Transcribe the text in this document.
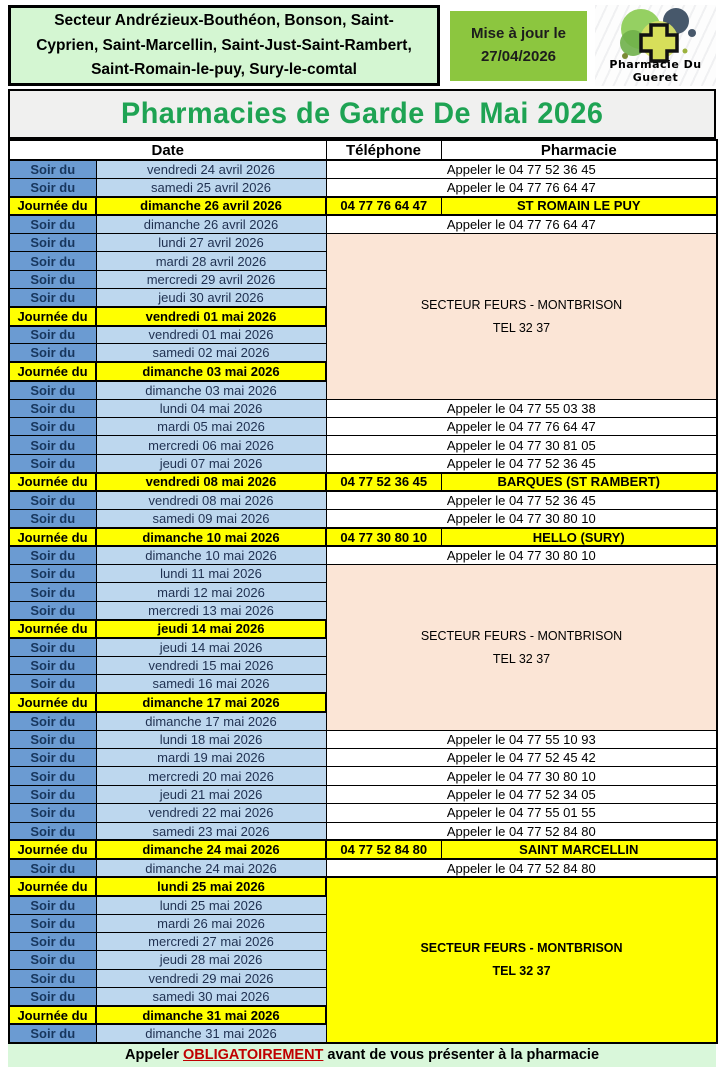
Secteur Andrézieux-Bouthéon, Bonson, Saint-Cyprien, Saint-Marcellin, Saint-Just-Saint-Rambert, Saint-Romain-le-puy, Sury-le-comtal
Mise à jour le
27/04/2026	Pharmacie Du Gueret
Pharmacies de Garde De Mai 2026
Date		Téléphone	Pharmacie
Soir du	vendredi 24 avril 2026	Appeler le 04 77 52 36 45	
Soir du	samedi 25 avril 2026	Appeler le 04 77 76 64 47	
Journée du	dimanche 26 avril 2026	04 77 76 64 47	ST ROMAIN LE PUY
Soir du	dimanche 26 avril 2026	Appeler le 04 77 76 64 47	
Soir du	lundi 27 avril 2026	SECTEUR FEURS - MONTBRISON
TEL 32 37	

Soir du	mardi 28 avril 2026		
Soir du	mercredi 29 avril 2026		
Soir du	jeudi 30 avril 2026		
Journée du	vendredi 01 mai 2026		
Soir du	vendredi 01 mai 2026		
Soir du	samedi 02 mai 2026		
Journée du	dimanche 03 mai 2026		
Soir du	dimanche 03 mai 2026		
Soir du	lundi 04 mai 2026	Appeler le 04 77 55 03 38	
Soir du	mardi 05 mai 2026	Appeler le 04 77 76 64 47	
Soir du	mercredi 06 mai 2026	Appeler le 04 77 30 81 05	
Soir du	jeudi 07 mai 2026	Appeler le 04 77 52 36 45	
Journée du	vendredi 08 mai 2026	04 77 52 36 45	BARQUES (ST RAMBERT)
Soir du	vendredi 08 mai 2026	Appeler le 04 77 52 36 45	
Soir du	samedi 09 mai 2026	Appeler le 04 77 30 80 10	
Journée du	dimanche 10 mai 2026	04 77 30 80 10	HELLO (SURY)
Soir du	dimanche 10 mai 2026	Appeler le 04 77 30 80 10	
Soir du	lundi 11 mai 2026	SECTEUR FEURS - MONTBRISON
TEL 32 37	

Soir du	mardi 12 mai 2026		
Soir du	mercredi 13 mai 2026		
Journée du	jeudi 14 mai 2026		
Soir du	jeudi 14 mai 2026		
Soir du	vendredi 15 mai 2026		
Soir du	samedi 16 mai 2026		
Journée du	dimanche 17 mai 2026		
Soir du	dimanche 17 mai 2026		
Soir du	lundi 18 mai 2026	Appeler le 04 77 55 10 93	
Soir du	mardi 19 mai 2026	Appeler le 04 77 52 45 42	
Soir du	mercredi 20 mai 2026	Appeler le 04 77 30 80 10	
Soir du	jeudi 21 mai 2026	Appeler le 04 77 52 34 05	
Soir du	vendredi 22 mai 2026	Appeler le 04 77 55 01 55	
Soir du	samedi 23 mai 2026	Appeler le 04 77 52 84 80	
Journée du	dimanche 24 mai 2026	04 77 52 84 80	SAINT MARCELLIN
Soir du	dimanche 24 mai 2026	Appeler le 04 77 52 84 80	
Journée du	lundi 25 mai 2026	SECTEUR FEURS - MONTBRISON
TEL 32 37	

Soir du	lundi 25 mai 2026		
Soir du	mardi 26 mai 2026		
Soir du	mercredi 27 mai 2026		
Soir du	jeudi 28 mai 2026		
Soir du	vendredi 29 mai 2026		
Soir du	samedi 30 mai 2026		
Journée du	dimanche 31 mai 2026		
Soir du	dimanche 31 mai 2026		
Appeler OBLIGATOIREMENT avant de vous présenter à la pharmacie
